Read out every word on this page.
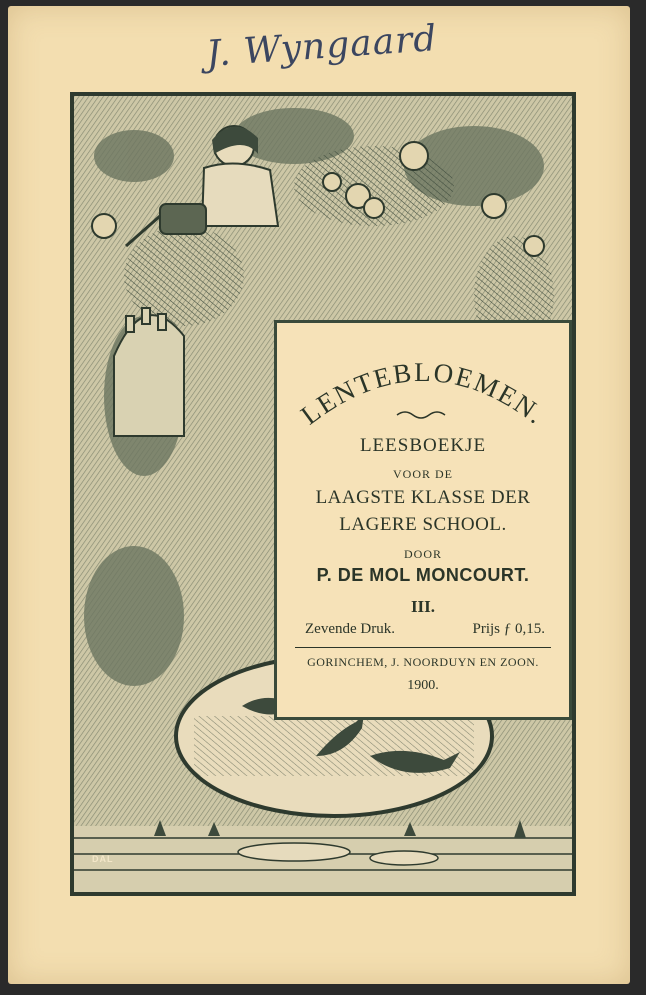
J. Wyngaard
DAL
LENTEBLOEMEN.
LEESBOEKJE
VOOR DE
LAAGSTE KLASSE DER
LAGERE SCHOOL.
DOOR
P. DE MOL MONCOURT.
III.
Zevende Druk.	Prijs ƒ 0,15.
GORINCHEM, J. NOORDUYN EN ZOON.
1900.
